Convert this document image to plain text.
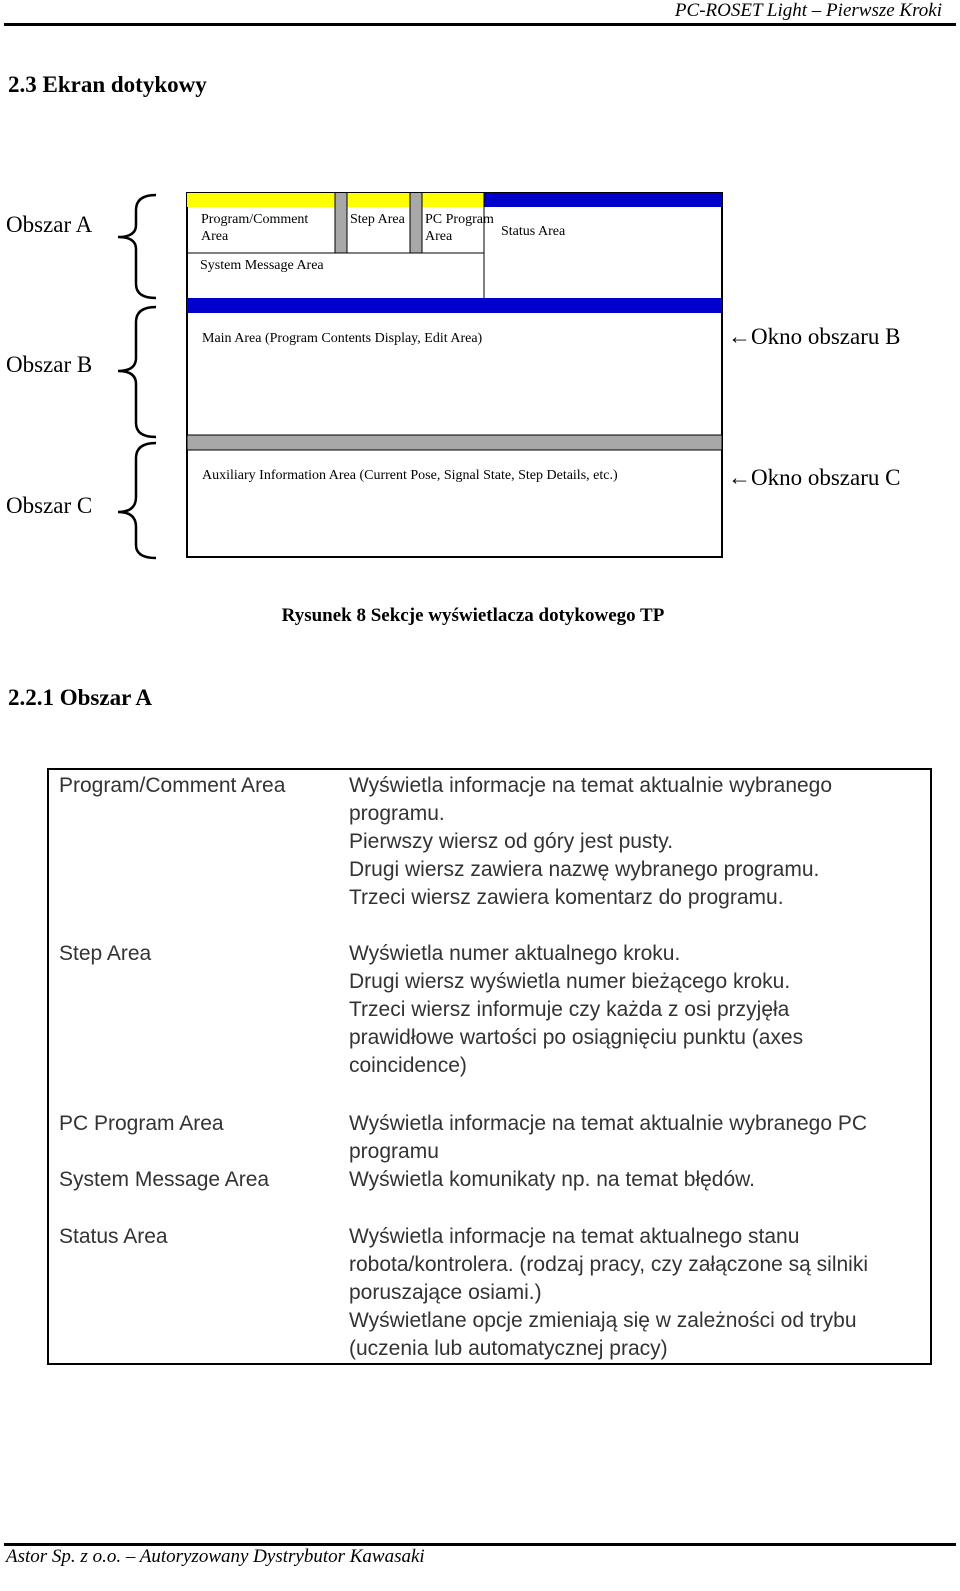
PC-ROSET Light – Pierwsze Kroki
2.3 Ekran dotykowy
Obszar A
Obszar B
Obszar C
Program/Comment Area
Step Area PC Program Area	Status Area
System Message Area
Main Area (Program Contents Display, Edit Area)
Auxiliary Information Area (Current Pose, Signal State, Step Details, etc.)
←Okno obszaru B
←Okno obszaru C
Rysunek 8 Sekcje wyświetlacza dotykowego TP
2.2.1 Obszar A
Program/Comment Area	Wyświetla informacje na temat aktualnie wybranego
programu.
Pierwszy wiersz od góry jest pusty.
Drugi wiersz zawiera nazwę wybranego programu.
Trzeci wiersz zawiera komentarz do programu.

Step Area	Wyświetla numer aktualnego kroku.
Drugi wiersz wyświetla numer bieżącego kroku.
Trzeci wiersz informuje czy każda z osi przyjęła
prawidłowe wartości po osiągnięciu punktu (axes
coincidence)

PC Program Area	Wyświetla informacje na temat aktualnie wybranego PC
programu

System Message Area	Wyświetla komunikaty np. na temat błędów.

Status Area	Wyświetla informacje na temat aktualnego stanu
robota/kontrolera. (rodzaj pracy, czy załączone są silniki
poruszające osiami.)
Wyświetlane opcje zmieniają się w zależności od trybu
(uczenia lub automatycznej pracy)
Astor Sp. z o.o. – Autoryzowany Dystrybutor Kawasaki
